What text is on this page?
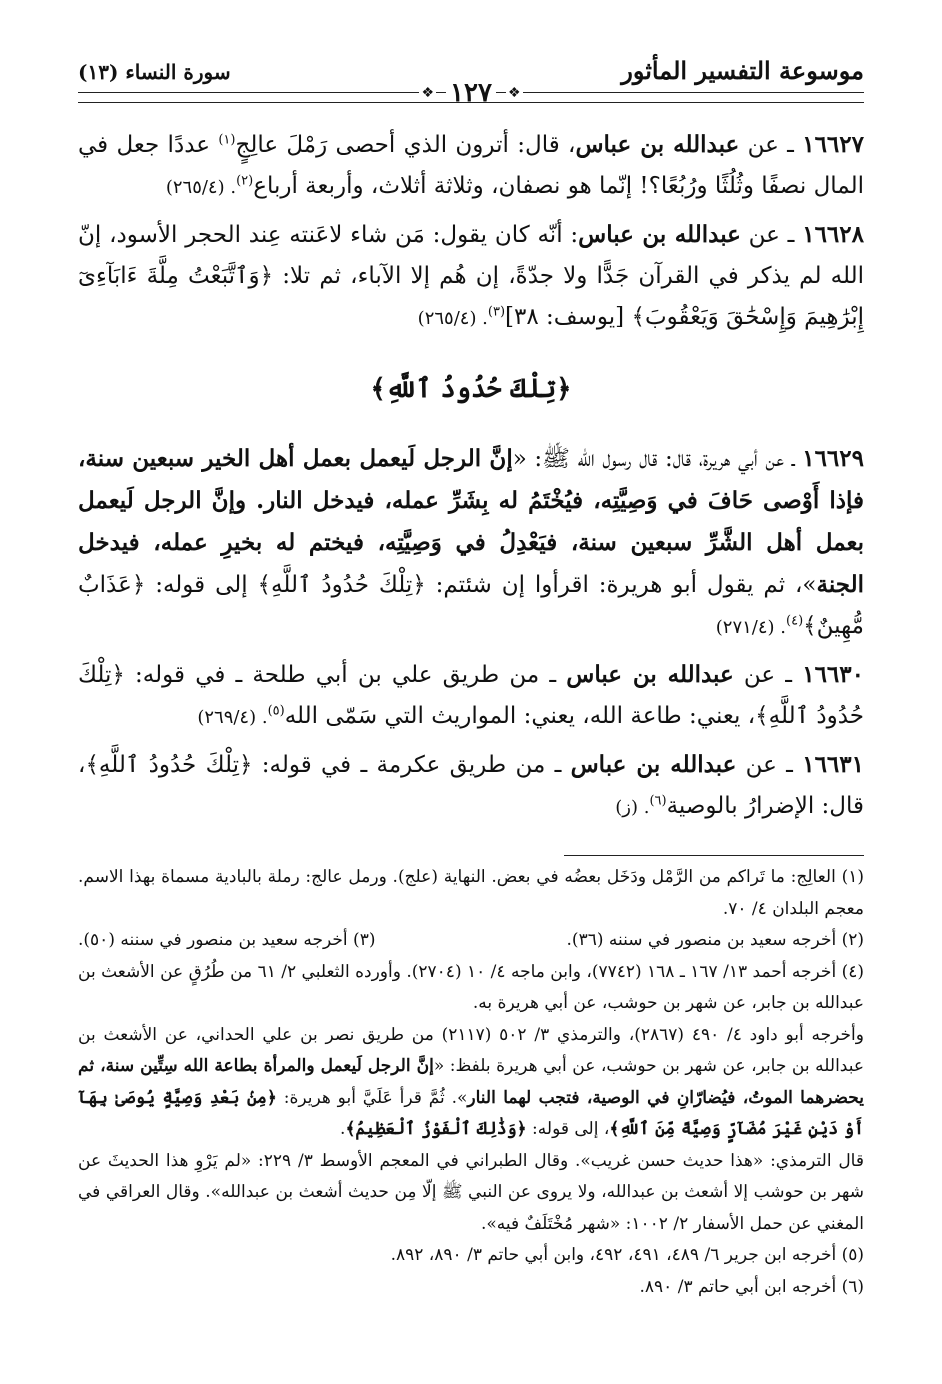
موسوعة التفسير المأثور
سورة النساء (١٣)
❖
١٢٧
❖

١٦٦٢٧ ـ عن عبدالله بن عباس، قال: أترون الذي أحصى رَمْلَ عالِجٍ$^{(١)}$ عددًا جعل في المال نصفًا وثُلُثًا ورُبُعًا؟! إنّما هو نصفان، وثلاثة أثلاث، وأربعة أرباع$^{(٢)}$. (٢٦٥/٤)

١٦٦٢٨ ـ عن عبدالله بن عباس: أنّه كان يقول: مَن شاء لاعَنته عِند الحجر الأسود، إنّ الله لم يذكر في القرآن جَدًّا ولا جدّةً، إن هُم إلا الآباء، ثم تلا: ﴿وَٱتَّبَعْتُ مِلَّةَ ءَابَآءِىٓ إِبْرَٰهِيمَ وَإِسْحَٰقَ وَيَعْقُوبَ﴾ [يوسف: ٣٨]$^{(٣)}$. (٢٦٥/٤)

﴿تِلْكَ حُدُودُ ٱللَّهِ﴾

١٦٦٢٩ ـ عن أبي هريرة، قال: قال رسول الله ﷺ: «إنَّ الرجل لَيعمل بعمل أهل الخير سبعين سنة، فإذا أَوْصى حَافَ في وَصِيَّتِه، فيُخْتَمُ له بِشَرِّ عمله، فيدخل النار. وإنَّ الرجل لَيعمل بعمل أهل الشَّرِّ سبعين سنة، فيَعْدِلُ في وَصِيَّتِه، فيختم له بخيرِ عمله، فيدخل الجنة»، ثم يقول أبو هريرة: اقرأوا إن شئتم: ﴿تِلْكَ حُدُودُ ٱللَّهِ﴾ إلى قوله: ﴿عَذَابٌ مُّهِينٌ﴾$^{(٤)}$. (٢٧١/٤)

١٦٦٣٠ ـ عن عبدالله بن عباس ـ من طريق علي بن أبي طلحة ـ في قوله: ﴿تِلْكَ حُدُودُ ٱللَّهِ﴾، يعني: طاعة الله، يعني: المواريث التي سَمّى الله$^{(٥)}$. (٢٦٩/٤)

١٦٦٣١ ـ عن عبدالله بن عباس ـ من طريق عكرمة ـ في قوله: ﴿تِلْكَ حُدُودُ ٱللَّهِ﴾، قال: الإضرارُ بالوصية$^{(٦)}$. (ز)

(١) العالِج: ما تَراكم من الرَّمْل ودَخَل بعضُه في بعض. النهاية (علج). ورمل عالج: رملة بالبادية مسماة بهذا الاسم. معجم البلدان ٤/ ٧٠.

(٢) أخرجه سعيد بن منصور في سننه (٣٦).
(٣) أخرجه سعيد بن منصور في سننه (٥٠).

(٤) أخرجه أحمد ١٣/ ١٦٧ ـ ١٦٨ (٧٧٤٢)، وابن ماجه ٤/ ١٠ (٢٧٠٤). وأورده الثعلبي ٢/ ٦١ من طُرُقٍ عن الأشعث بن عبدالله بن جابر، عن شهر بن حوشب، عن أبي هريرة به.

وأخرجه أبو داود ٤/ ٤٩٠ (٢٨٦٧)، والترمذي ٣/ ٥٠٢ (٢١١٧) من طريق نصر بن علي الحداني، عن الأشعث بن عبدالله بن جابر، عن شهر بن حوشب، عن أبي هريرة بلفظ: «إنَّ الرجل لَيعمل والمرأة بطاعة الله سِتِّين سنة، ثم يحضرهما الموتُ، فيُضارّانِ في الوصية، فتجب لهما النار». ثُمَّ قرأ عَلَيَّ أبو هريرة: ﴿مِنۢ بَعْدِ وَصِيَّةٍ يُوصَىٰ بِهَآ أَوْ دَيْنٍ غَيْرَ مُضَآرٍّ وَصِيَّةً مِّنَ ٱللَّهِ﴾، إلى قوله: ﴿وَذَٰلِكَ ٱلْفَوْزُ ٱلْعَظِيمُ﴾.

قال الترمذي: «هذا حديث حسن غريب». وقال الطبراني في المعجم الأوسط ٣/ ٢٢٩: «لم يَرْوِ هذا الحديثَ عن شهر بن حوشب إلا أشعث بن عبدالله، ولا يروى عن النبي ﷺ إلّا مِن حديث أشعث بن عبدالله». وقال العراقي في المغني عن حمل الأسفار ٢/ ١٠٠٢: «شهر مُخْتَلَفٌ فيه».

(٥) أخرجه ابن جرير ٦/ ٤٨٩، ٤٩١، ٤٩٢، وابن أبي حاتم ٣/ ٨٩٠، ٨٩٢.

(٦) أخرجه ابن أبي حاتم ٣/ ٨٩٠.
